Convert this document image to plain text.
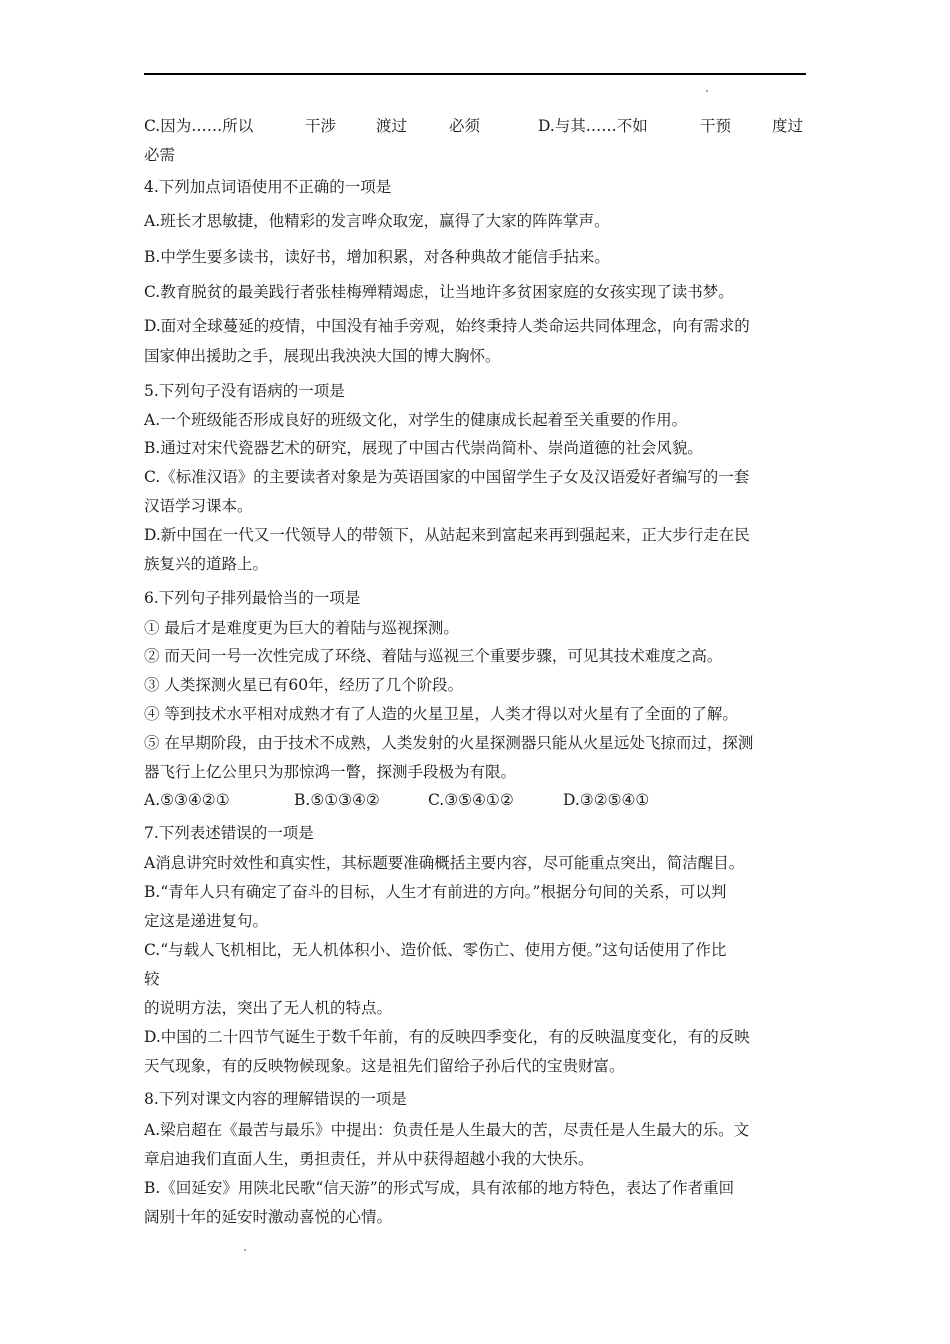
C.因为……所以	干涉	渡过	必须	D.与其……不如	干预	度过
必需
4.下列加点词语使用不正确的一项是
A.班长才思敏捷，他精彩的发言哗众取宠，赢得了大家的阵阵掌声。
B.中学生要多读书，读好书，增加积累，对各种典故才能信手拈来。
C.教育脱贫的最美践行者张桂梅殚精竭虑，让当地许多贫困家庭的女孩实现了读书梦。
D.面对全球蔓延的疫情，中国没有袖手旁观，始终秉持人类命运共同体理念，向有需求的
国家伸出援助之手，展现出我泱泱大国的博大胸怀。
5.下列句子没有语病的一项是
A.一个班级能否形成良好的班级文化，对学生的健康成长起着至关重要的作用。
B.通过对宋代瓷器艺术的研究，展现了中国古代崇尚简朴、崇尚道德的社会风貌。
C.《标准汉语》的主要读者对象是为英语国家的中国留学生子女及汉语爱好者编写的一套
汉语学习课本。
D.新中国在一代又一代领导人的带领下，从站起来到富起来再到强起来，正大步行走在民
族复兴的道路上。
6.下列句子排列最恰当的一项是
① 最后才是难度更为巨大的着陆与巡视探测。
② 而天问一号一次性完成了环绕、着陆与巡视三个重要步骤，可见其技术难度之高。
③ 人类探测火星已有60年，经历了几个阶段。
④ 等到技术水平相对成熟才有了人造的火星卫星，人类才得以对火星有了全面的了解。
⑤ 在早期阶段，由于技术不成熟，人类发射的火星探测器只能从火星远处飞掠而过，探测
器飞行上亿公里只为那惊鸿一瞥，探测手段极为有限。
A.⑤③④②①	B.⑤①③④②	C.③⑤④①②	D.③②⑤④①
7.下列表述错误的一项是
A消息讲究时效性和真实性，其标题要准确概括主要内容，尽可能重点突出，简洁醒目。
B.“青年人只有确定了奋斗的目标，人生才有前进的方向。”根据分句间的关系，可以判
定这是递进复句。
C.“与载人飞机相比，无人机体积小、造价低、零伤亡、使用方便。”这句话使用了作比
较
的说明方法，突出了无人机的特点。
D.中国的二十四节气诞生于数千年前，有的反映四季变化，有的反映温度变化，有的反映
天气现象，有的反映物候现象。这是祖先们留给子孙后代的宝贵财富。
8.下列对课文内容的理解错误的一项是
A.梁启超在《最苦与最乐》中提出：负责任是人生最大的苦，尽责任是人生最大的乐。文
章启迪我们直面人生，勇担责任，并从中获得超越小我的大快乐。
B.《回延安》用陕北民歌“信天游”的形式写成，具有浓郁的地方特色，表达了作者重回
阔别十年的延安时激动喜悦的心情。
